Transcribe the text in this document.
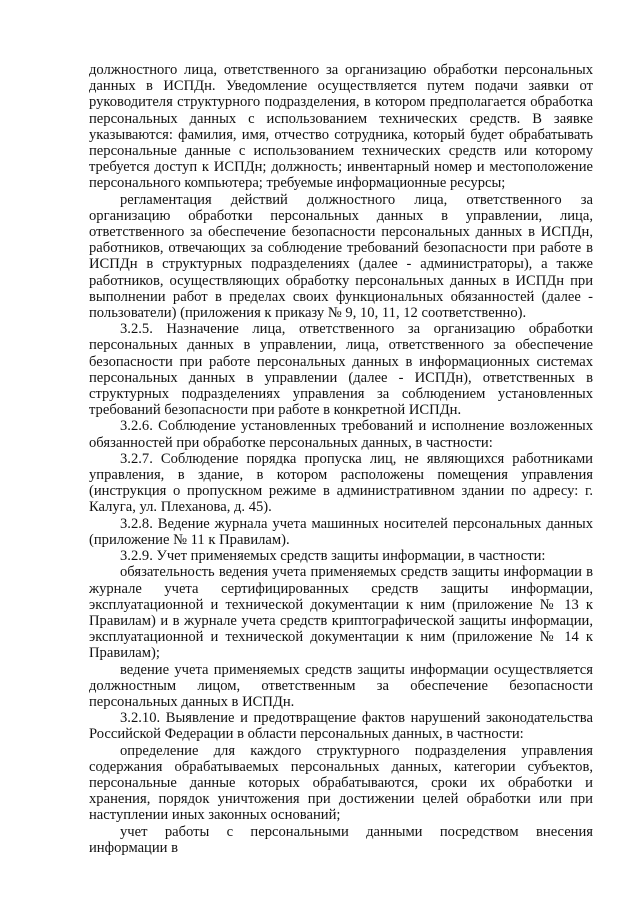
должностного лица, ответственного за организацию обработки персональных данных в ИСПДн. Уведомление осуществляется путем подачи заявки от руководителя структурного подразделения, в котором предполагается обработка персональных данных с использованием технических средств. В заявке указываются: фамилия, имя, отчество сотрудника, который будет обрабатывать персональные данные с использованием технических средств или которому требуется доступ к ИСПДн; должность; инвентарный номер и местоположение персонального компьютера; требуемые информационные ресурсы;

регламентация действий должностного лица, ответственного за организацию обработки персональных данных в управлении, лица, ответственного за обеспечение безопасности персональных данных в ИСПДн, работников, отвечающих за соблюдение требований безопасности при работе в ИСПДн в структурных подразделениях (далее - администраторы), а также работников, осуществляющих обработку персональных данных в ИСПДн при выполнении работ в пределах своих функциональных обязанностей (далее - пользователи) (приложения к приказу № 9, 10, 11, 12 соответственно).

3.2.5. Назначение лица, ответственного за организацию обработки персональных данных в управлении, лица, ответственного за обеспечение безопасности при работе персональных данных в информационных системах персональных данных в управлении (далее - ИСПДн), ответственных в структурных подразделениях управления за соблюдением установленных требований безопасности при работе в конкретной ИСПДн.

3.2.6. Соблюдение установленных требований и исполнение возложенных обязанностей при обработке персональных данных, в частности:

3.2.7. Соблюдение порядка пропуска лиц, не являющихся работниками управления, в здание, в котором расположены помещения управления (инструкция о пропускном режиме в административном здании по адресу: г. Калуга, ул. Плеханова, д. 45).

3.2.8. Ведение журнала учета машинных носителей персональных данных (приложение № 11 к Правилам).

3.2.9. Учет применяемых средств защиты информации, в частности:

обязательность ведения учета применяемых средств защиты информации в журнале учета сертифицированных средств защиты информации, эксплуатационной и технической документации к ним (приложение № 13 к Правилам) и в журнале учета средств криптографической защиты информации, эксплуатационной и технической документации к ним (приложение № 14 к Правилам);

ведение учета применяемых средств защиты информации осуществляется должностным лицом, ответственным за обеспечение безопасности персональных данных в ИСПДн.

3.2.10. Выявление и предотвращение фактов нарушений законодательства Российской Федерации в области персональных данных, в частности:

определение для каждого структурного подразделения управления содержания обрабатываемых персональных данных, категории субъектов, персональные данные которых обрабатываются, сроки их обработки и хранения, порядок уничтожения при достижении целей обработки или при наступлении иных законных оснований;

учет работы с персональными данными посредством внесения информации в
